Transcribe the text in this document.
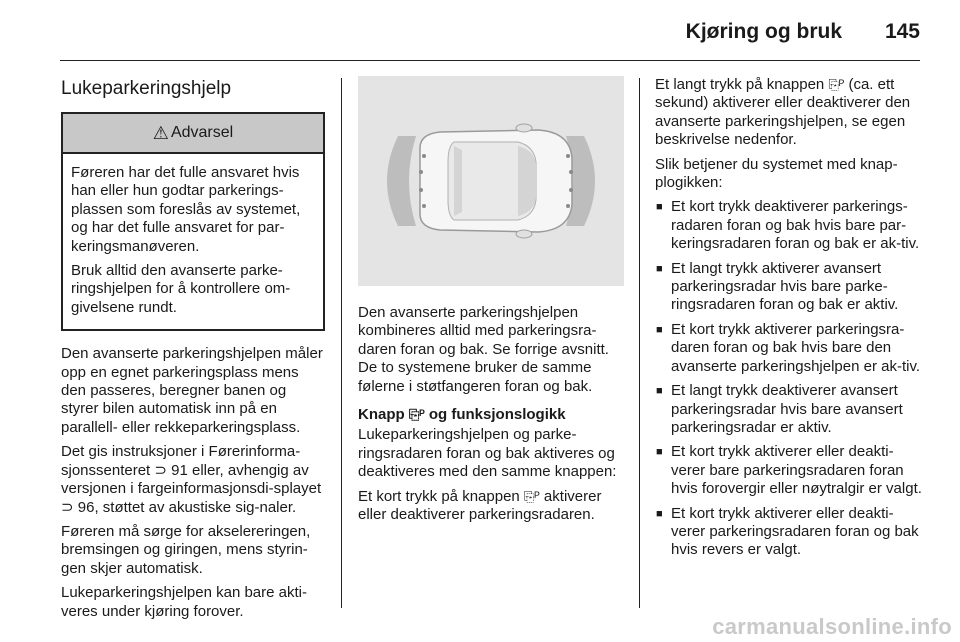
Kjøring og bruk 145
Lukeparkeringshjelp
⚠ Advarsel

Føreren har det fulle ansvaret hvis han eller hun godtar parkerings-plassen som foreslås av systemet, og har det fulle ansvaret for par-keringsmanøveren.

Bruk alltid den avanserte parke-ringshjelpen for å kontrollere om-givelsene rundt.

Den avanserte parkeringshjelpen måler opp en egnet parkeringsplass mens den passeres, beregner banen og styrer bilen automatisk inn på en parallell- eller rekkeparkeringsplass.

Det gis instruksjoner i Førerinforma-sjonssenteret ⊃ 91 eller, avhengig av versjonen i fargeinformasjonsdi-splayet ⊃ 96, støttet av akustiske sig-naler.

Føreren må sørge for akselereringen, bremsingen og giringen, mens styrin-gen skjer automatisk.

Lukeparkeringshjelpen kan bare akti-veres under kjøring forover.

Den avanserte parkeringshjelpen kombineres alltid med parkeringsra-daren foran og bak. Se forrige avsnitt. De to systemene bruker de samme følerne i støtfangeren foran og bak.

Knapp ⎘ᴾ og funksjonslogikk

Lukeparkeringshjelpen og parke-ringsradaren foran og bak aktiveres og deaktiveres med den samme knappen:

Et kort trykk på knappen ⎘ᴾ aktiverer eller deaktiverer parkeringsradaren.

Et langt trykk på knappen ⎘ᴾ (ca. ett sekund) aktiverer eller deaktiverer den avanserte parkeringshjelpen, se egen beskrivelse nedenfor.

Slik betjener du systemet med knap-plogikken:

■ Et kort trykk deaktiverer parkerings-radaren foran og bak hvis bare par-keringsradaren foran og bak er ak-tiv.
■ Et langt trykk aktiverer avansert parkeringsradar hvis bare parke-ringsradaren foran og bak er aktiv.
■ Et kort trykk aktiverer parkeringsra-daren foran og bak hvis bare den avanserte parkeringshjelpen er ak-tiv.
■ Et langt trykk deaktiverer avansert parkeringsradar hvis bare avansert parkeringsradar er aktiv.
■ Et kort trykk aktiverer eller deakti-verer bare parkeringsradaren foran hvis forovergir eller nøytralgir er valgt.
■ Et kort trykk aktiverer eller deakti-verer parkeringsradaren foran og bak hvis revers er valgt.
carmanualsonline.info
